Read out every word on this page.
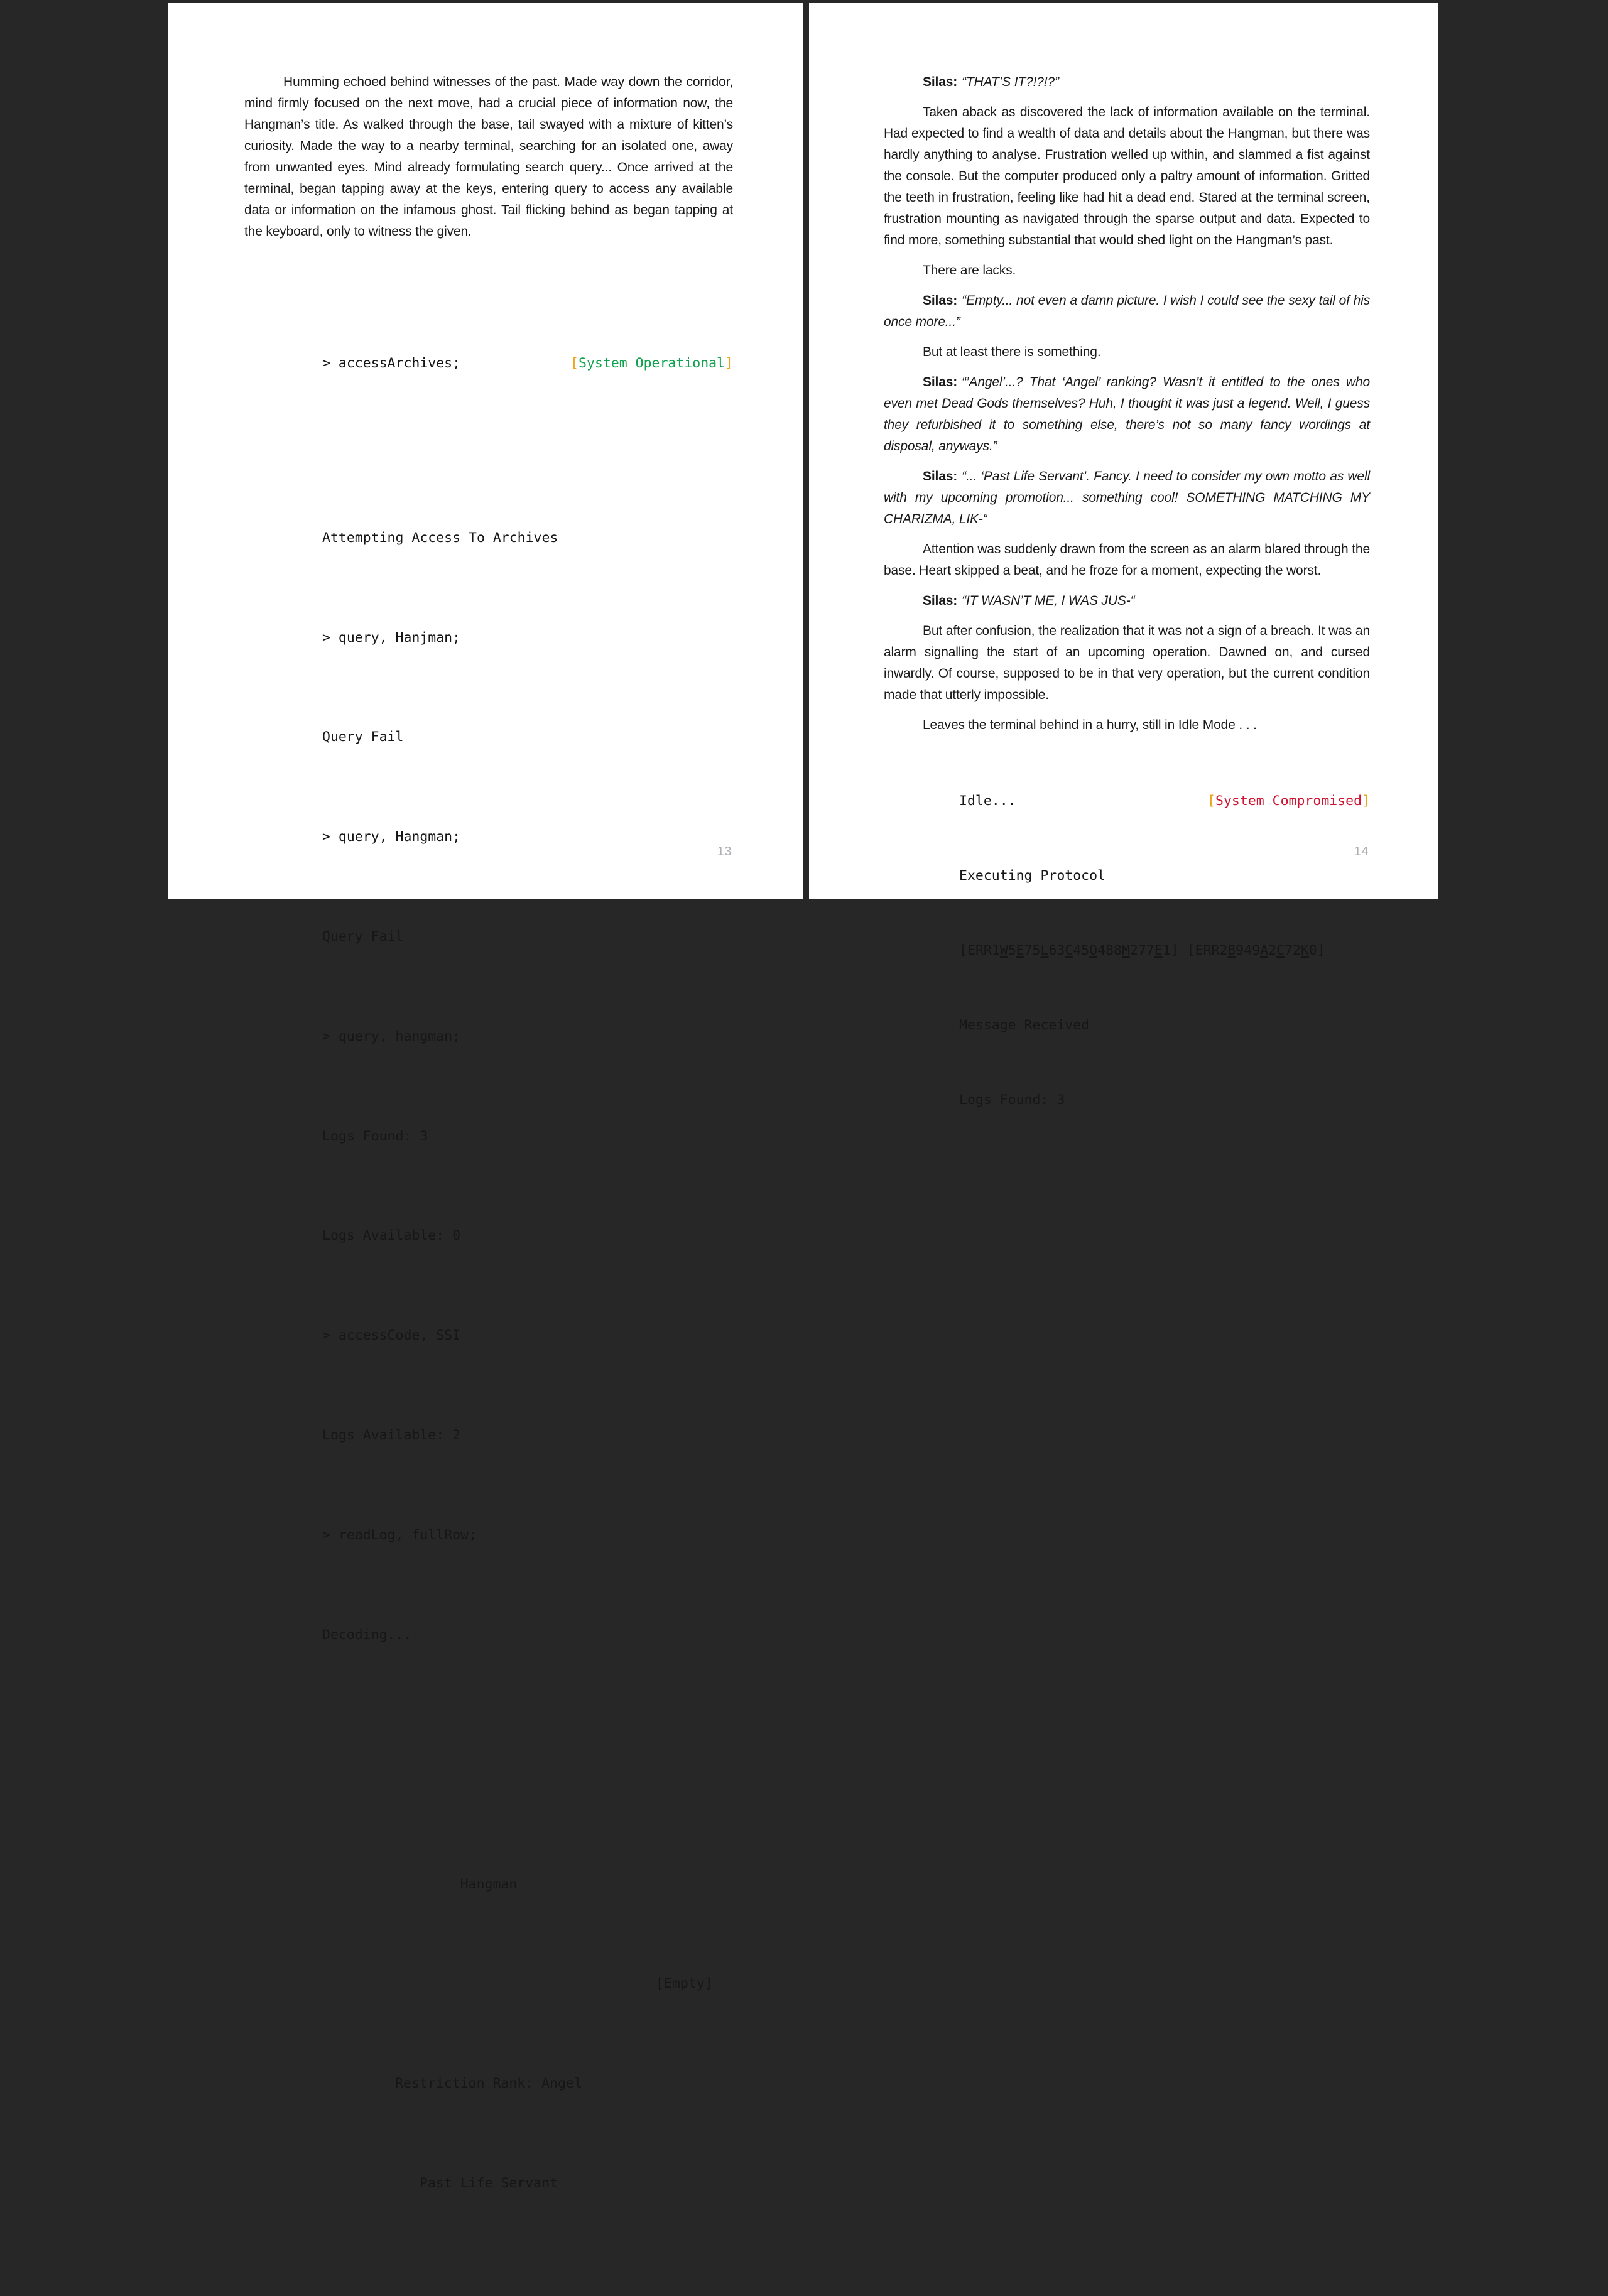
Humming echoed behind witnesses of the past. Made way down the corridor, mind firmly focused on the next move, had a crucial piece of information now, the Hangman’s title. As walked through the base, tail swayed with a mixture of kitten’s curiosity. Made the way to a nearby terminal, searching for an isolated one, away from unwanted eyes. Mind already formulating search query... Once arrived at the terminal, began tapping away at the keys, entering query to access any available data or information on the infamous ghost. Tail flicking behind as began tapping at the keyboard, only to witness the given.

> accessArchives;	[System Operational]

Attempting Access To Archives

> query, Hanjman;

Query Fail

> query, Hangman;

Query Fail

> query, hangman;

Logs Found: 3

Logs Available: 0

> accessCode, SSI

Logs Available: 2

> readLog, fullRow;

Decoding...

Hangman

[Empty]

Restriction Rank: Angel

Past Life Servant

13

Silas: “THAT’S IT?!?!?”

Taken aback as discovered the lack of information available on the terminal. Had expected to find a wealth of data and details about the Hangman, but there was hardly anything to analyse. Frustration welled up within, and slammed a fist against the console. But the computer produced only a paltry amount of information. Gritted the teeth in frustration, feeling like had hit a dead end. Stared at the terminal screen, frustration mounting as navigated through the sparse output and data. Expected to find more, something substantial that would shed light on the Hangman’s past.

There are lacks.

Silas: “Empty... not even a damn picture. I wish I could see the sexy tail of his once more...”

But at least there is something.

Silas: “’Angel’...? That ‘Angel’ ranking? Wasn’t it entitled to the ones who even met Dead Gods themselves? Huh, I thought it was just a legend. Well, I guess they refurbished it to something else, there’s not so many fancy wordings at disposal, anyways.”

Silas: “... ‘Past Life Servant’. Fancy. I need to consider my own motto as well with my upcoming promotion... something cool! SOMETHING MATCHING MY CHARIZMA, LIK-“

Attention was suddenly drawn from the screen as an alarm blared through the base. Heart skipped a beat, and he froze for a moment, expecting the worst.

Silas: “IT WASN’T ME, I WAS JUS-“

But after confusion, the realization that it was not a sign of a breach. It was an alarm signalling the start of an upcoming operation. Dawned on, and cursed inwardly. Of course, supposed to be in that very operation, but the current condition made that utterly impossible.

Leaves the terminal behind in a hurry, still in Idle Mode . . .

Idle...	[System Compromised]

Executing Protocol

[ERR1W5E75L63C45O488M277E1] [ERR2B949A2C72K0]

Message Received

Logs Found: 3

14
